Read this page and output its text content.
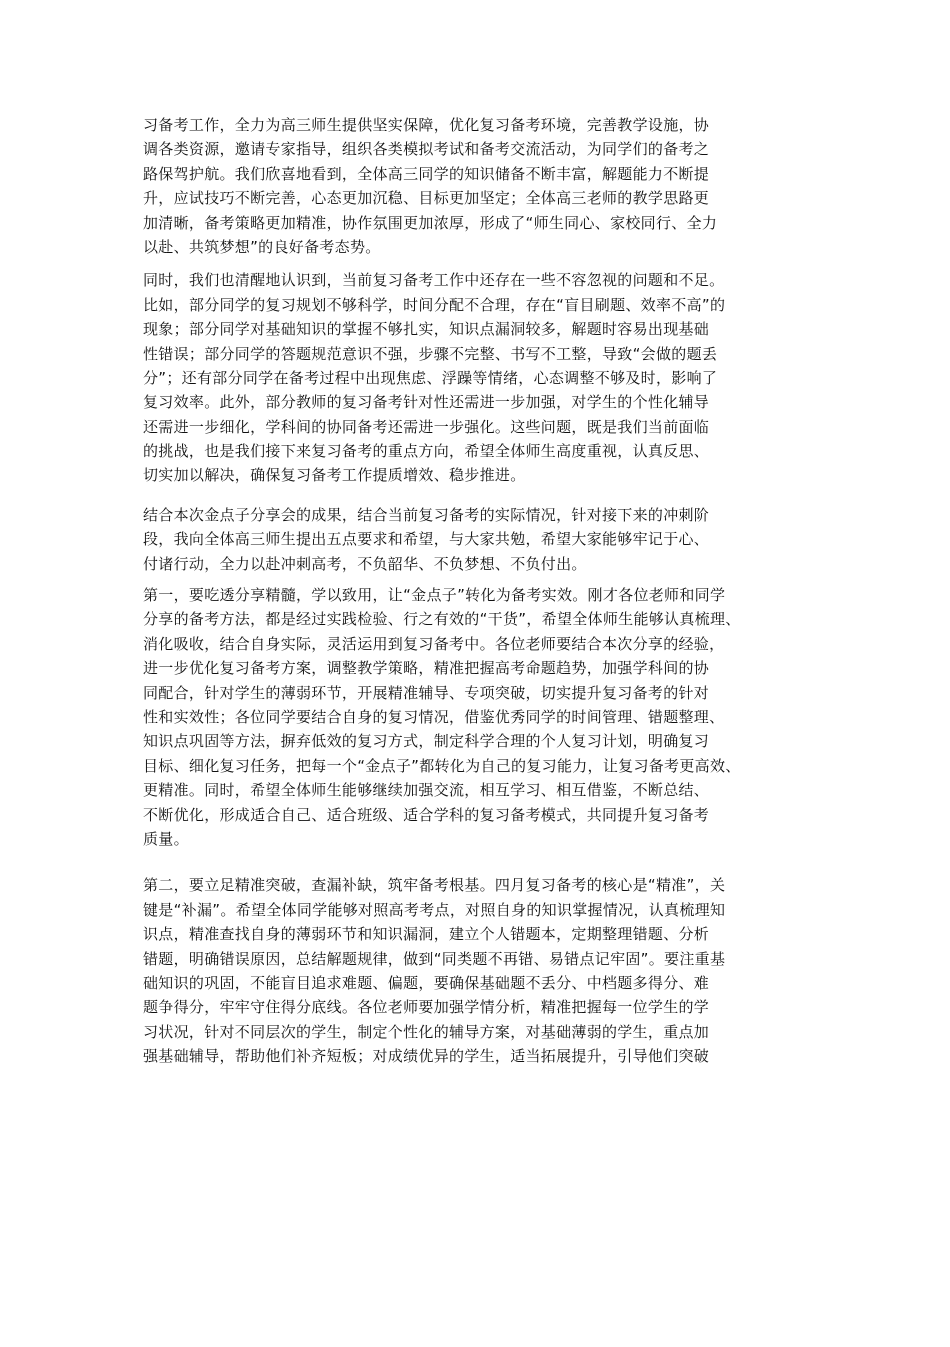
习备考工作，全力为高三师生提供坚实保障，优化复习备考环境，完善教学设施，协
调各类资源，邀请专家指导，组织各类模拟考试和备考交流活动，为同学们的备考之
路保驾护航。我们欣喜地看到，全体高三同学的知识储备不断丰富，解题能力不断提
升，应试技巧不断完善，心态更加沉稳、目标更加坚定；全体高三老师的教学思路更
加清晰，备考策略更加精准，协作氛围更加浓厚，形成了“师生同心、家校同行、全力
以赴、共筑梦想”的良好备考态势。
同时，我们也清醒地认识到，当前复习备考工作中还存在一些不容忽视的问题和不足。
比如，部分同学的复习规划不够科学，时间分配不合理，存在“盲目刷题、效率不高”的
现象；部分同学对基础知识的掌握不够扎实，知识点漏洞较多，解题时容易出现基础
性错误；部分同学的答题规范意识不强，步骤不完整、书写不工整，导致“会做的题丢
分”；还有部分同学在备考过程中出现焦虑、浮躁等情绪，心态调整不够及时，影响了
复习效率。此外，部分教师的复习备考针对性还需进一步加强，对学生的个性化辅导
还需进一步细化，学科间的协同备考还需进一步强化。这些问题，既是我们当前面临
的挑战，也是我们接下来复习备考的重点方向，希望全体师生高度重视，认真反思、
切实加以解决，确保复习备考工作提质增效、稳步推进。
结合本次金点子分享会的成果，结合当前复习备考的实际情况，针对接下来的冲刺阶
段，我向全体高三师生提出五点要求和希望，与大家共勉，希望大家能够牢记于心、
付诸行动，全力以赴冲刺高考，不负韶华、不负梦想、不负付出。
第一，要吃透分享精髓，学以致用，让“金点子”转化为备考实效。刚才各位老师和同学
分享的备考方法，都是经过实践检验、行之有效的“干货”，希望全体师生能够认真梳理、
消化吸收，结合自身实际，灵活运用到复习备考中。各位老师要结合本次分享的经验，
进一步优化复习备考方案，调整教学策略，精准把握高考命题趋势，加强学科间的协
同配合，针对学生的薄弱环节，开展精准辅导、专项突破，切实提升复习备考的针对
性和实效性；各位同学要结合自身的复习情况，借鉴优秀同学的时间管理、错题整理、
知识点巩固等方法，摒弃低效的复习方式，制定科学合理的个人复习计划，明确复习
目标、细化复习任务，把每一个“金点子”都转化为自己的复习能力，让复习备考更高效、
更精准。同时，希望全体师生能够继续加强交流，相互学习、相互借鉴，不断总结、
不断优化，形成适合自己、适合班级、适合学科的复习备考模式，共同提升复习备考
质量。
第二，要立足精准突破，查漏补缺，筑牢备考根基。四月复习备考的核心是“精准”，关
键是“补漏”。希望全体同学能够对照高考考点，对照自身的知识掌握情况，认真梳理知
识点，精准查找自身的薄弱环节和知识漏洞，建立个人错题本，定期整理错题、分析
错题，明确错误原因，总结解题规律，做到“同类题不再错、易错点记牢固”。要注重基
础知识的巩固，不能盲目追求难题、偏题，要确保基础题不丢分、中档题多得分、难
题争得分，牢牢守住得分底线。各位老师要加强学情分析，精准把握每一位学生的学
习状况，针对不同层次的学生，制定个性化的辅导方案，对基础薄弱的学生，重点加
强基础辅导，帮助他们补齐短板；对成绩优异的学生，适当拓展提升，引导他们突破
